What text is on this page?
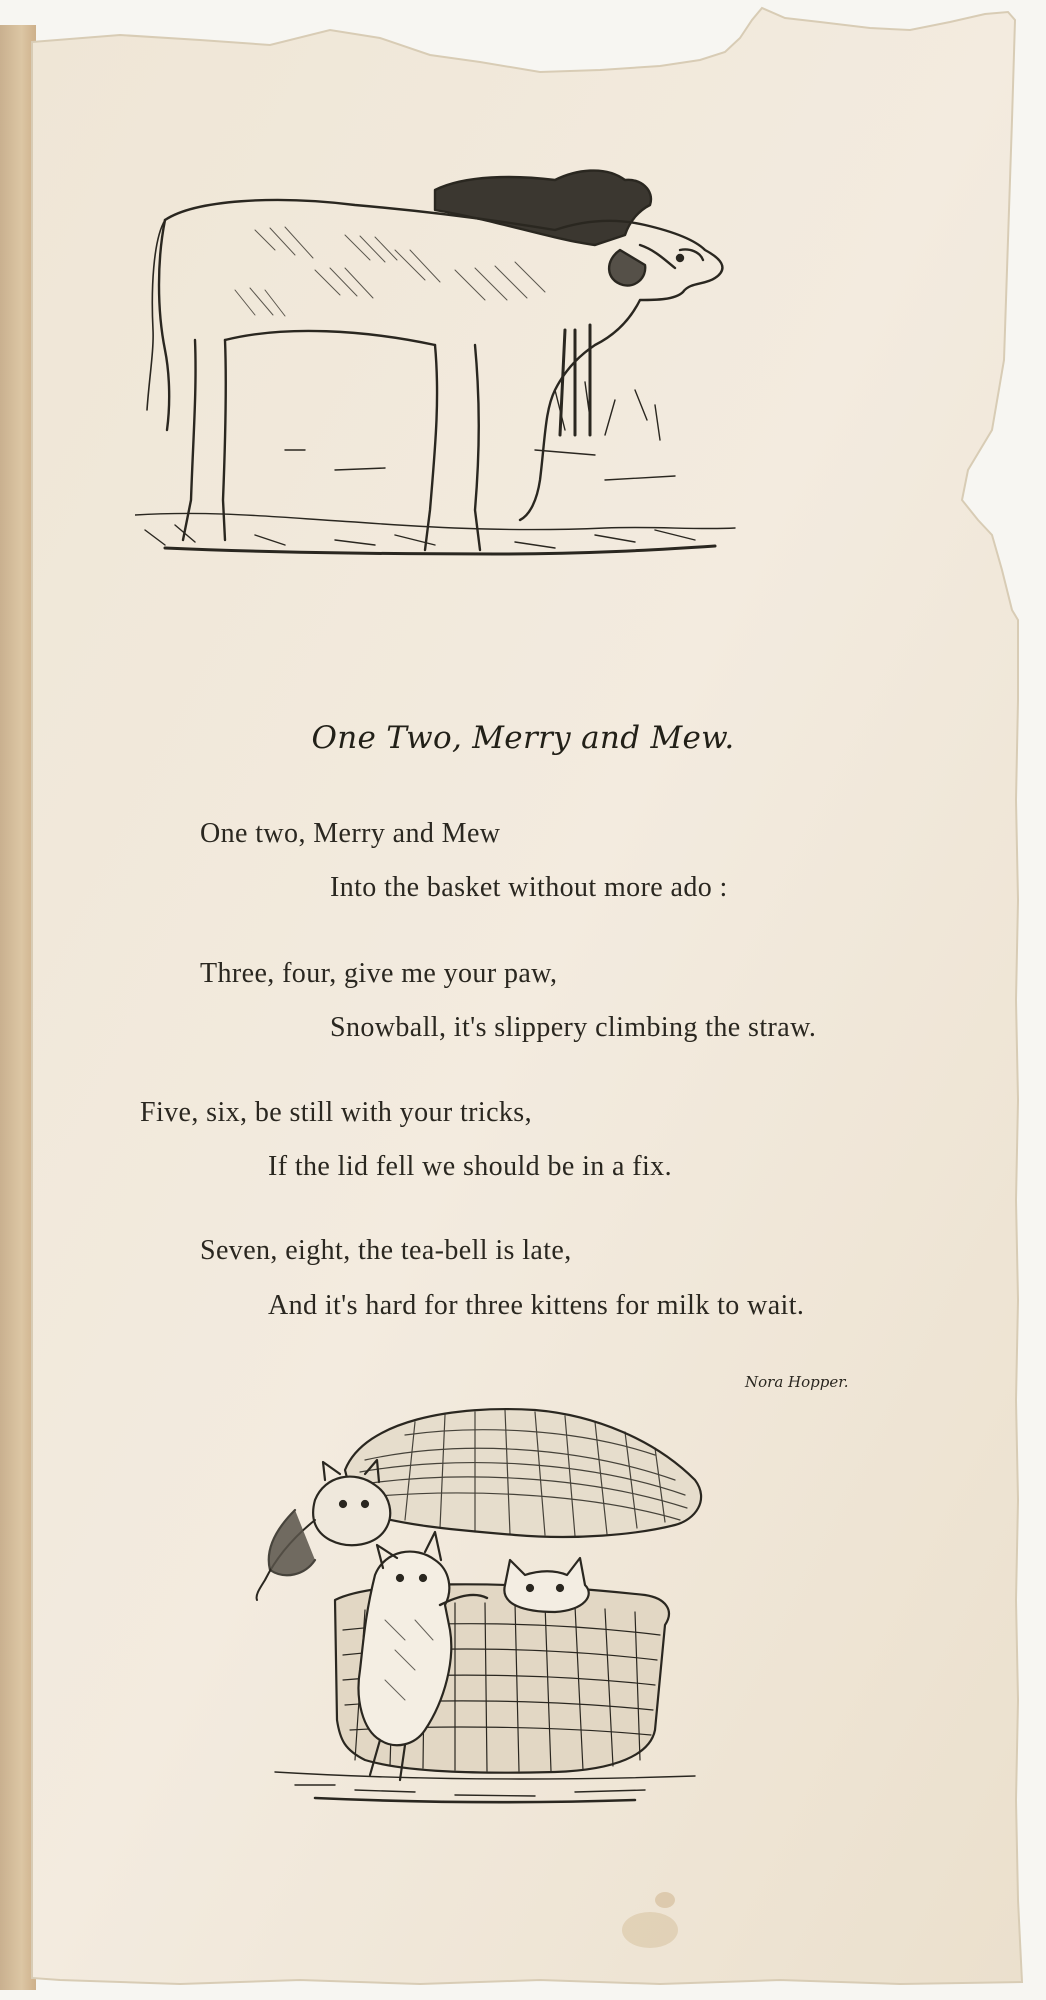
One Two, Merry and Mew.
One two, Merry and Mew
Into the basket without more ado :
Three, four, give me your paw,
Snowball, it's slippery climbing the straw.
Five, six, be still with your tricks,
If the lid fell we should be in a fix.
Seven, eight, the tea-bell is late,
And it's hard for three kittens for milk to wait.
Nora Hopper.
